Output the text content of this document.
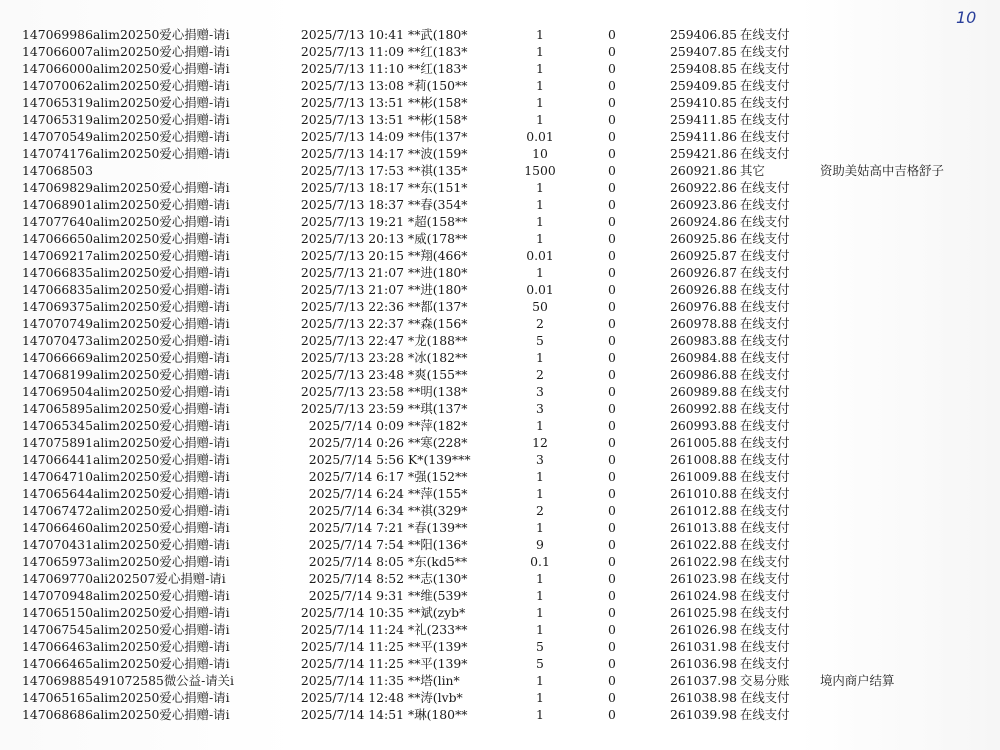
10
147069986alim20250爱心捐赠-请i	2025/7/13 10:41	**武(180*	1	0	259406.85	在线支付	
147066007alim20250爱心捐赠-请i	2025/7/13 11:09	**红(183*	1	0	259407.85	在线支付	
147066000alim20250爱心捐赠-请i	2025/7/13 11:10	**红(183*	1	0	259408.85	在线支付	
147070062alim20250爱心捐赠-请i	2025/7/13 13:08	*莉(150**	1	0	259409.85	在线支付	
147065319alim20250爱心捐赠-请i	2025/7/13 13:51	**彬(158*	1	0	259410.85	在线支付	
147065319alim20250爱心捐赠-请i	2025/7/13 13:51	**彬(158*	1	0	259411.85	在线支付	
147070549alim20250爱心捐赠-请i	2025/7/13 14:09	**伟(137*	0.01	0	259411.86	在线支付	
147074176alim20250爱心捐赠-请i	2025/7/13 14:17	**波(159*	10	0	259421.86	在线支付	
147068503	2025/7/13 17:53	**祺(135*	1500	0	260921.86	其它	资助美姑高中吉格舒子
147069829alim20250爱心捐赠-请i	2025/7/13 18:17	**东(151*	1	0	260922.86	在线支付	
147068901alim20250爱心捐赠-请i	2025/7/13 18:37	**春(354*	1	0	260923.86	在线支付	
147077640alim20250爱心捐赠-请i	2025/7/13 19:21	*超(158**	1	0	260924.86	在线支付	
147066650alim20250爱心捐赠-请i	2025/7/13 20:13	*威(178**	1	0	260925.86	在线支付	
147069217alim20250爱心捐赠-请i	2025/7/13 20:15	**翔(466*	0.01	0	260925.87	在线支付	
147066835alim20250爱心捐赠-请i	2025/7/13 21:07	**进(180*	1	0	260926.87	在线支付	
147066835alim20250爱心捐赠-请i	2025/7/13 21:07	**进(180*	0.01	0	260926.88	在线支付	
147069375alim20250爱心捐赠-请i	2025/7/13 22:36	**都(137*	50	0	260976.88	在线支付	
147070749alim20250爱心捐赠-请i	2025/7/13 22:37	**森(156*	2	0	260978.88	在线支付	
147070473alim20250爱心捐赠-请i	2025/7/13 22:47	*龙(188**	5	0	260983.88	在线支付	
147066669alim20250爱心捐赠-请i	2025/7/13 23:28	*冰(182**	1	0	260984.88	在线支付	
147068199alim20250爱心捐赠-请i	2025/7/13 23:48	*爽(155**	2	0	260986.88	在线支付	
147069504alim20250爱心捐赠-请i	2025/7/13 23:58	**明(138*	3	0	260989.88	在线支付	
147065895alim20250爱心捐赠-请i	2025/7/13 23:59	**琪(137*	3	0	260992.88	在线支付	
147065345alim20250爱心捐赠-请i	2025/7/14 0:09	**萍(182*	1	0	260993.88	在线支付	
147075891alim20250爱心捐赠-请i	2025/7/14 0:26	**寒(228*	12	0	261005.88	在线支付	
147066441alim20250爱心捐赠-请i	2025/7/14 5:56	K*(139***	3	0	261008.88	在线支付	
147064710alim20250爱心捐赠-请i	2025/7/14 6:17	*强(152**	1	0	261009.88	在线支付	
147065644alim20250爱心捐赠-请i	2025/7/14 6:24	**萍(155*	1	0	261010.88	在线支付	
147067472alim20250爱心捐赠-请i	2025/7/14 6:34	**祺(329*	2	0	261012.88	在线支付	
147066460alim20250爱心捐赠-请i	2025/7/14 7:21	*春(139**	1	0	261013.88	在线支付	
147070431alim20250爱心捐赠-请i	2025/7/14 7:54	**阳(136*	9	0	261022.88	在线支付	
147065973alim20250爱心捐赠-请i	2025/7/14 8:05	*东(kd5**	0.1	0	261022.98	在线支付	
147069770ali202507爱心捐赠-请i	2025/7/14 8:52	**志(130*	1	0	261023.98	在线支付	
147070948alim20250爱心捐赠-请i	2025/7/14 9:31	**维(539*	1	0	261024.98	在线支付	
147065150alim20250爱心捐赠-请i	2025/7/14 10:35	**斌(zyb*	1	0	261025.98	在线支付	
147067545alim20250爱心捐赠-请i	2025/7/14 11:24	*礼(233**	1	0	261026.98	在线支付	
147066463alim20250爱心捐赠-请i	2025/7/14 11:25	**平(139*	5	0	261031.98	在线支付	
147066465alim20250爱心捐赠-请i	2025/7/14 11:25	**平(139*	5	0	261036.98	在线支付	
147069885491072585微公益-请关i	2025/7/14 11:35	**塔(lin*	1	0	261037.98	交易分账	境内商户结算
147065165alim20250爱心捐赠-请i	2025/7/14 12:48	**涛(lvb*	1	0	261038.98	在线支付	
147068686alim20250爱心捐赠-请i	2025/7/14 14:51	*琳(180**	1	0	261039.98	在线支付	
